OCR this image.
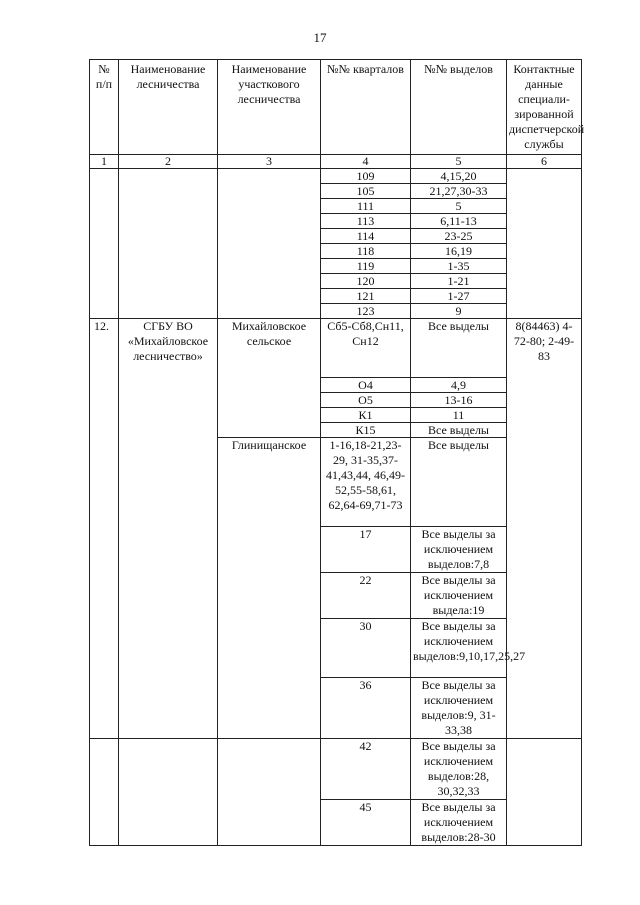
17
№ п/п	Наименование лесничества	Наименование участкового лесничества	№№ кварталов	№№ выделов	Контактные данные специали-зированной диспетчерской службы
1	2	3	4	5	6
			109	4,15,20	
			105	21,27,30-33	
			111	5	
			113	6,11-13	
			114	23-25	
			118	16,19	
			119	1-35	
			120	1-21	
			121	1-27	
			123	9	
12.	СГБУ ВО «Михайловское лесничество»	Михайловское сельское	Сб5-Сб8,Сн11, Сн12	Все выделы	8(84463) 4-72-80; 2-49-83
			О4	4,9	
			О5	13-16	
			К1	11	
			К15	Все выделы	
		Глинищанское	1-16,18-21,23-29, 31-35,37-41,43,44, 46,49-52,55-58,61, 62,64-69,71-73	Все выделы	
			17	Все выделы за исключением выделов:7,8	
			22	Все выделы за исключением выдела:19	
			30	Все выделы за исключением выделов:9,10,17,25,27	
			36	Все выделы за исключением выделов:9, 31-33,38	
			42	Все выделы за исключением выделов:28, 30,32,33	
			45	Все выделы за исключением выделов:28-30	
